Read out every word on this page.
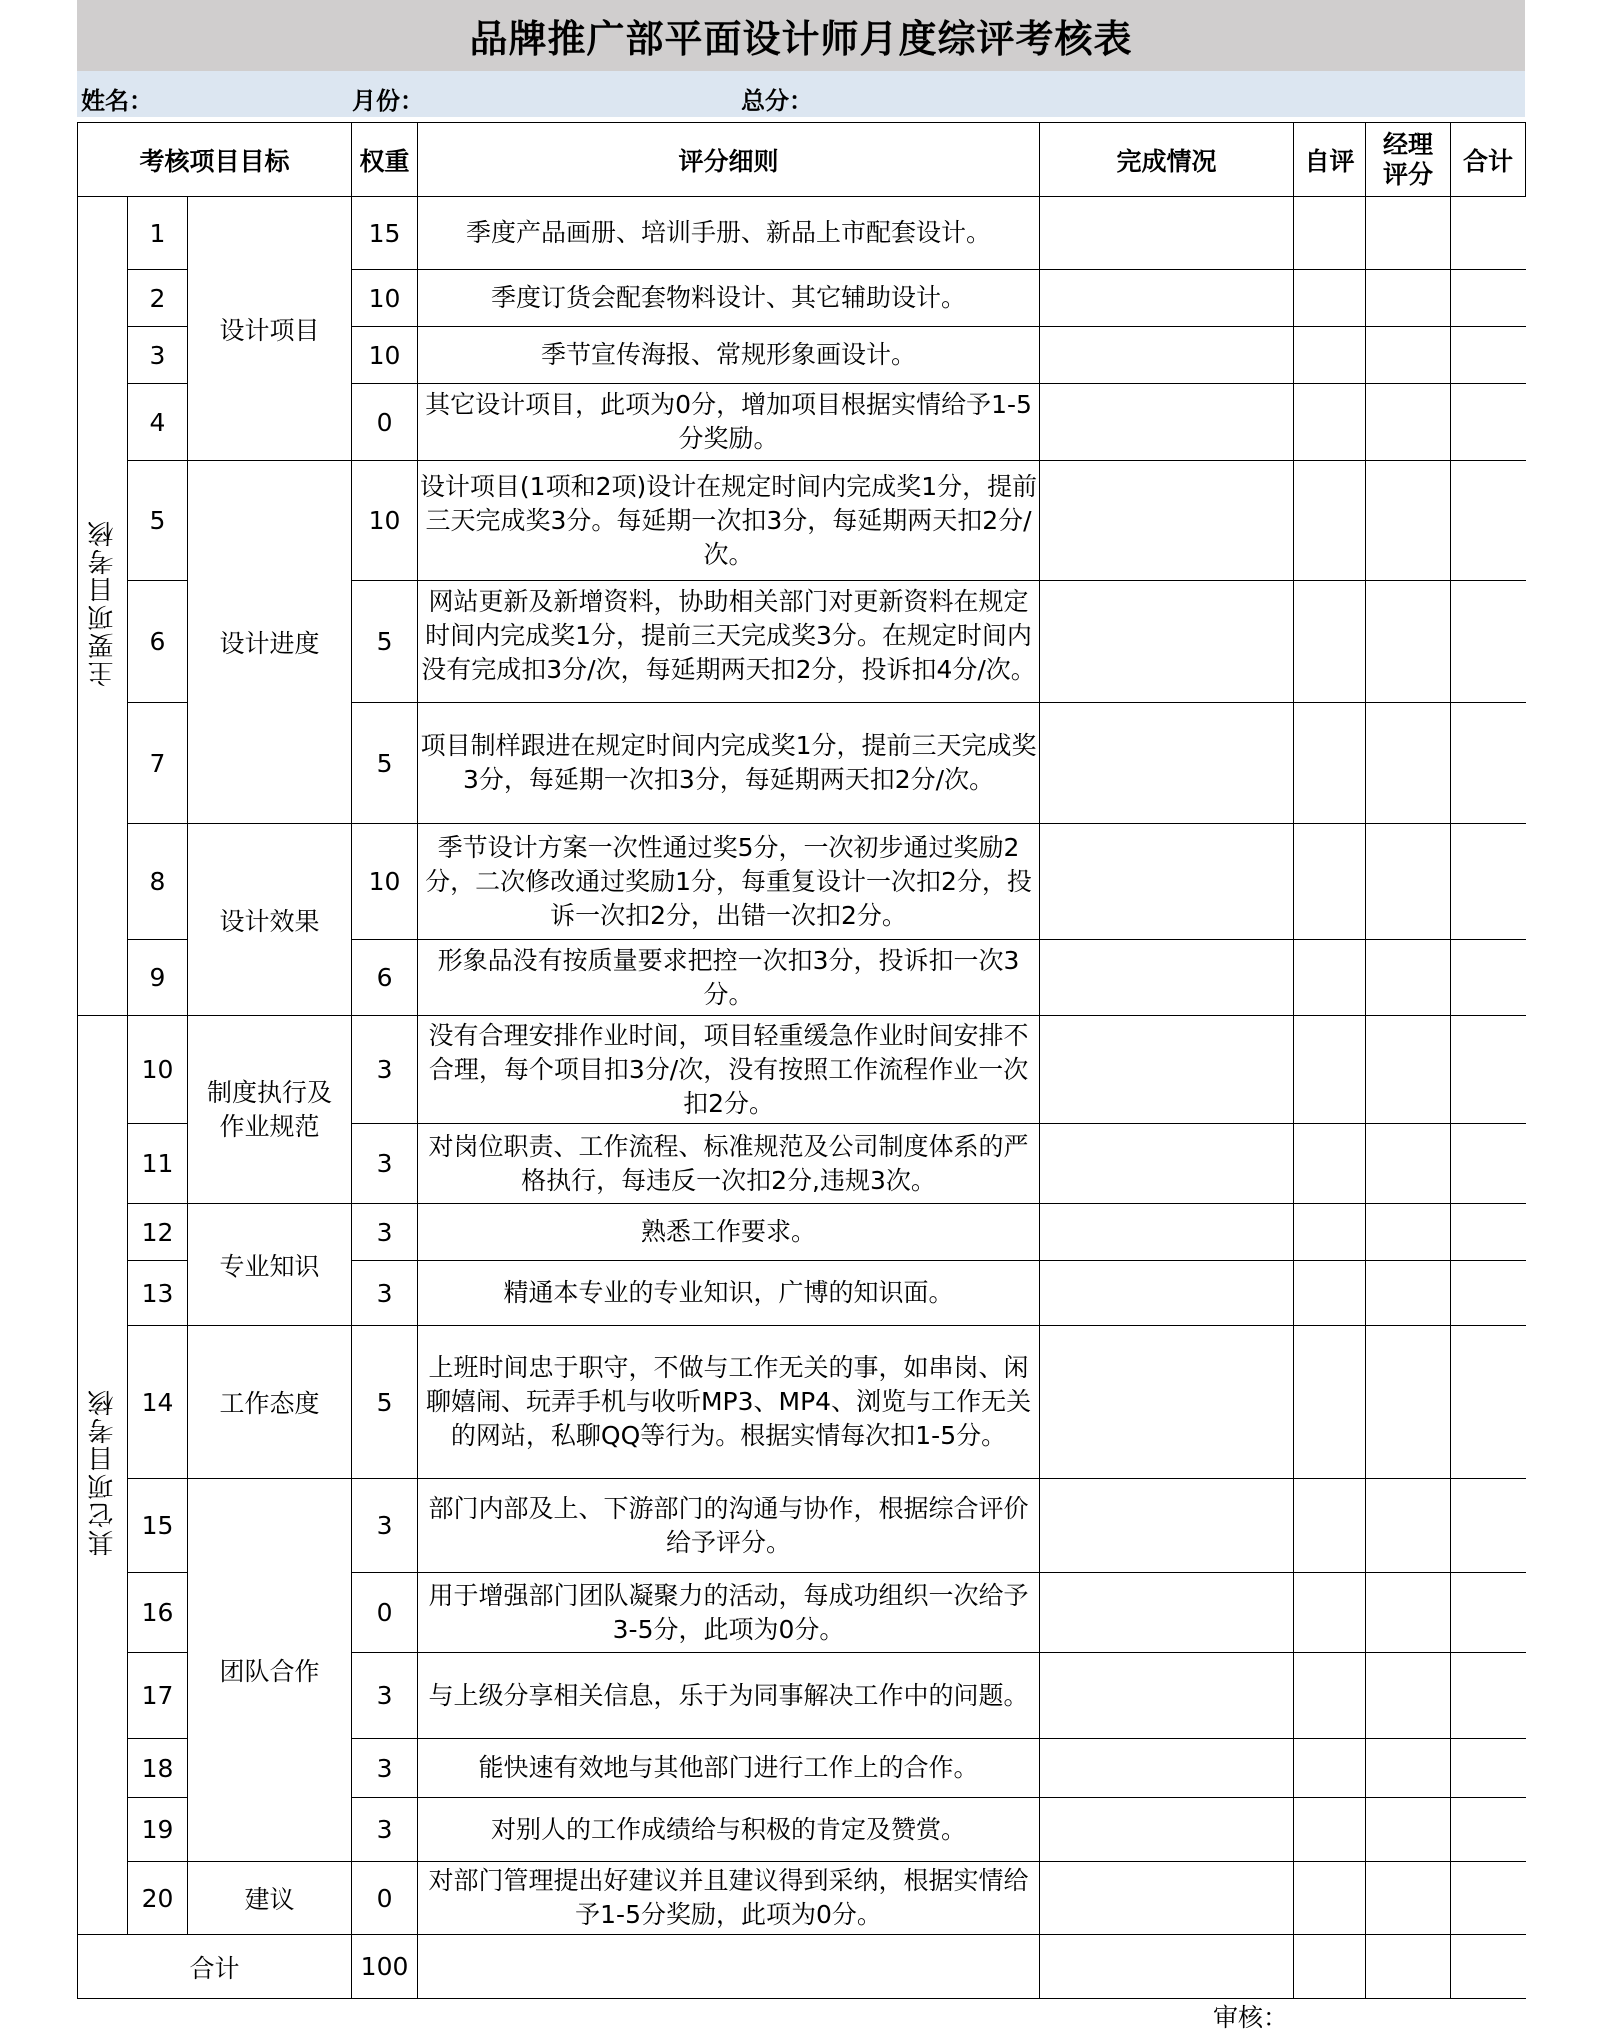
品牌推广部平面设计师月度综评考核表
姓名：	月份：	总分：
考核项目目标			权重	评分细则	完成情况	自评	经理评分	合计
主要项目考核	1	设计项目	15	季度产品画册、培训手册、新品上市配套设计。				

	2		10	季度订货会配套物料设计、其它辅助设计。				

	3		10	季节宣传海报、常规形象画设计。				

	4		0	其它设计项目，此项为0分，增加项目根据实情给予1-5分奖励。				

	5	设计进度	10	设计项目(1项和2项)设计在规定时间内完成奖1分，提前三天完成奖3分。每延期一次扣3分，每延期两天扣2分/次。				

	6		5	网站更新及新增资料，协助相关部门对更新资料在规定时间内完成奖1分，提前三天完成奖3分。在规定时间内没有完成扣3分/次，每延期两天扣2分，投诉扣4分/次。				

	7		5	项目制样跟进在规定时间内完成奖1分，提前三天完成奖3分，每延期一次扣3分，每延期两天扣2分/次。				

	8	设计效果	10	季节设计方案一次性通过奖5分，一次初步通过奖励2分，二次修改通过奖励1分，每重复设计一次扣2分，投诉一次扣2分，出错一次扣2分。				

	9		6	形象品没有按质量要求把控一次扣3分，投诉扣一次3分。				

其它项目考核	10	制度执行及作业规范	3	没有合理安排作业时间，项目轻重缓急作业时间安排不合理，每个项目扣3分/次，没有按照工作流程作业一次扣2分。				

	11		3	对岗位职责、工作流程、标准规范及公司制度体系的严格执行，每违反一次扣2分,违规3次。				

	12	专业知识	3	熟悉工作要求。				

	13		3	精通本专业的专业知识，广博的知识面。				

	14	工作态度	5	上班时间忠于职守，不做与工作无关的事，如串岗、闲聊嬉闹、玩弄手机与收听MP3、MP4、浏览与工作无关的网站，私聊QQ等行为。根据实情每次扣1-5分。				

	15	团队合作	3	部门内部及上、下游部门的沟通与协作，根据综合评价给予评分。				

	16		0	用于增强部门团队凝聚力的活动，每成功组织一次给予3-5分，此项为0分。				

	17		3	与上级分享相关信息，乐于为同事解决工作中的问题。				

	18		3	能快速有效地与其他部门进行工作上的合作。				

	19		3	对别人的工作成绩给与积极的肯定及赞赏。				

	20	建议	0	对部门管理提出好建议并且建议得到采纳，根据实情给予1-5分奖励，此项为0分。				

合计			100					
审核：
